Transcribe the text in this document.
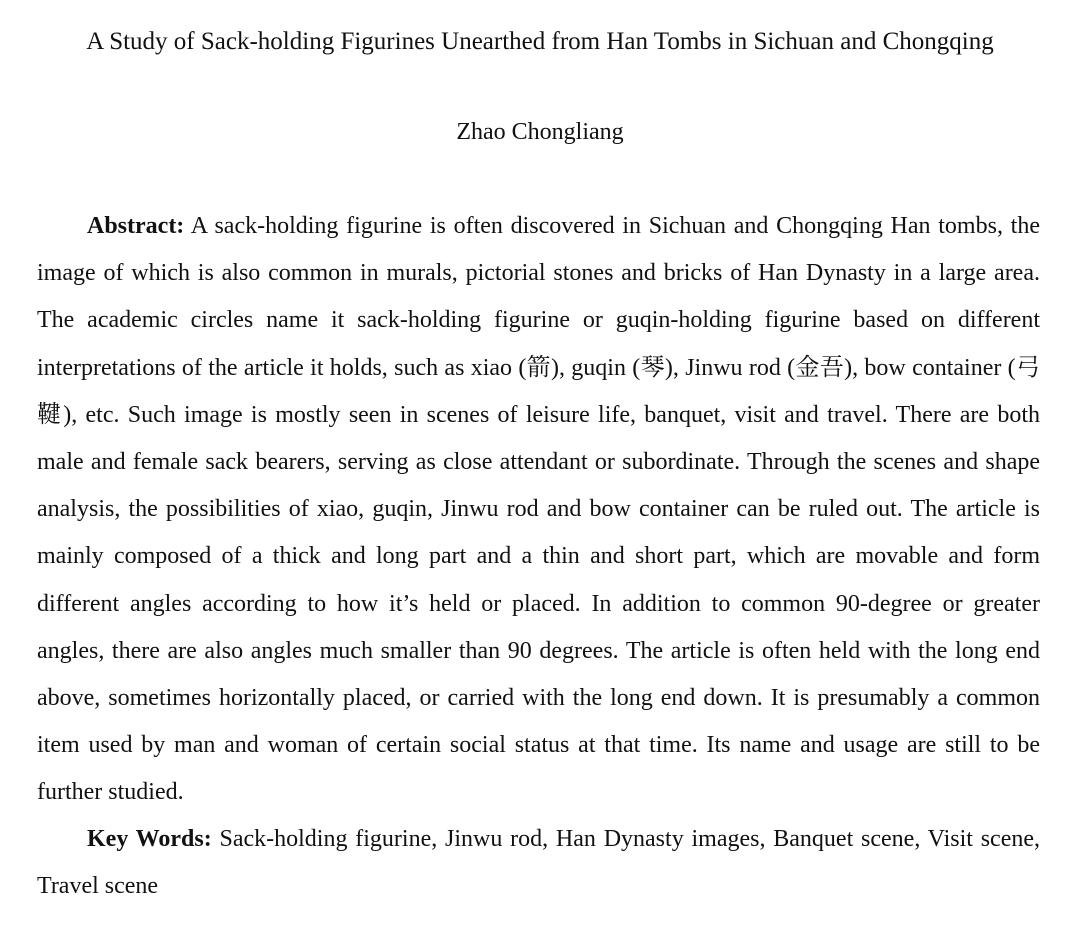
A Study of Sack-holding Figurines Unearthed from Han Tombs in Sichuan and Chongqing
Zhao Chongliang

Abstract: A sack-holding figurine is often discovered in Sichuan and Chongqing Han tombs, the image of which is also common in murals, pictorial stones and bricks of Han Dynasty in a large area. The academic circles name it sack-holding figurine or guqin-holding figurine based on different interpretations of the article it holds, such as xiao (箭), guqin (琴), Jinwu rod (金吾), bow container (弓鞬), etc. Such image is mostly seen in scenes of leisure life, banquet, visit and travel. There are both male and female sack bearers, serving as close attendant or subordinate. Through the scenes and shape analysis, the possibilities of xiao, guqin, Jinwu rod and bow container can be ruled out. The article is mainly composed of a thick and long part and a thin and short part, which are movable and form different angles according to how it’s held or placed. In addition to common 90-degree or greater angles, there are also angles much smaller than 90 degrees. The article is often held with the long end above, sometimes horizontally placed, or carried with the long end down. It is presumably a common item used by man and woman of certain social status at that time. Its name and usage are still to be further studied.

Key Words: Sack-holding figurine, Jinwu rod, Han Dynasty images, Banquet scene, Visit scene, Travel scene
